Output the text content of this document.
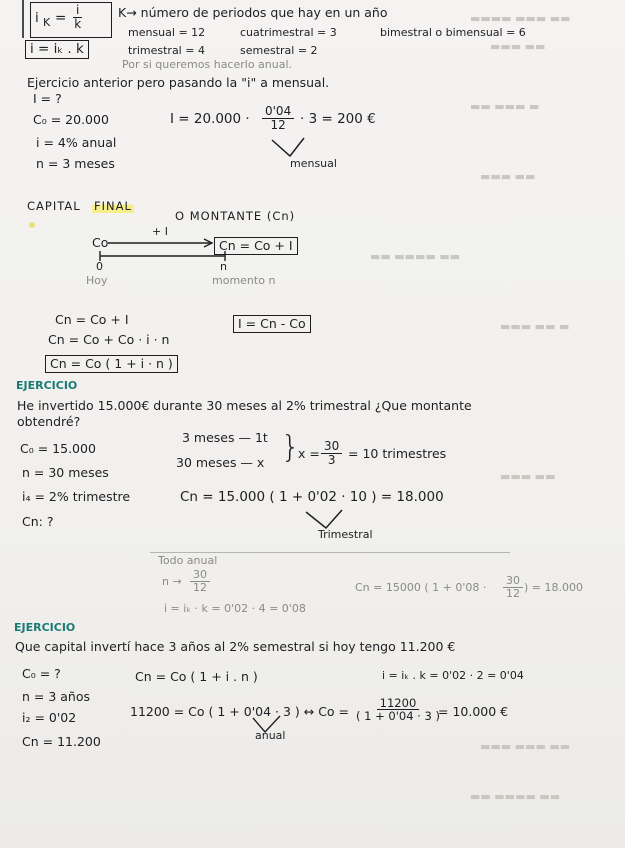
▬▬▬▬ ▬▬▬ ▬▬
▬▬▬ ▬▬
▬▬ ▬▬▬ ▬
▬▬▬ ▬▬
▬▬ ▬▬▬▬ ▬▬
▬▬▬ ▬▬ ▬
▬▬▬ ▬▬
▬▬▬ ▬▬▬ ▬▬
▬▬ ▬▬▬▬ ▬▬
i $K = \frac{i}{k}$	K→ número de periodos que hay en un año
mensual = 12	cuatrimestral = 3	bimestral o bimensual = 6
trimestral = 4	semestral = 2
i = iₖ . k
Por si queremos hacerlo anual.
Ejercicio anterior pero pasando la "i" a mensual.
I = ?
C₀ = 20.000
i = 4% anual
n = 3 meses
$I = 20.000 \cdot \frac{0'04}{12} \cdot 3 = 200$ €
mensual
CAPITAL FINAL
O MONTANTE (Cn)
+ I
Co	Cn = Co + I
0
Hoy
n
momento n
Cn = Co + I
Cn = Co + Co · i · n
Cn = Co ( 1 + i · n )
I = Cn - Co
EJERCICIO
He invertido 15.000€ durante 30 meses al 2% trimestral ¿Que montante
obtendré?
C₀ = 15.000
n = 30 meses
i₄ = 2% trimestre
Cn: ?
3 meses — 1t
30 meses — x }
$x = \frac{30}{3} = 10$ trimestres
Cn = 15.000 ( 1 + 0'02 · 10 ) = 18.000
Trimestral
Todo anual
$n \to \frac{30}{12}$
i = iₖ · k = 0'02 · 4 = 0'08
Cn = 15000 ( $1 + 0'08 \cdot \frac{30}{12}$ ) = 18.000
EJERCICIO
Que capital invertí hace 3 años al 2% semestral si hoy tengo 11.200 €
C₀ = ?
n = 3 años
i₂ = 0'02
Cn = 11.200
Cn = Co ( 1 + i . n )	i = iₖ . k = 0'02 · 2 = 0'04
11200 = Co ( 1 + 0'04 · 3 ) ↔ $Co = \frac{11200}{( 1 + 0'04 \cdot 3 )}$
= 10.000 €
anual
